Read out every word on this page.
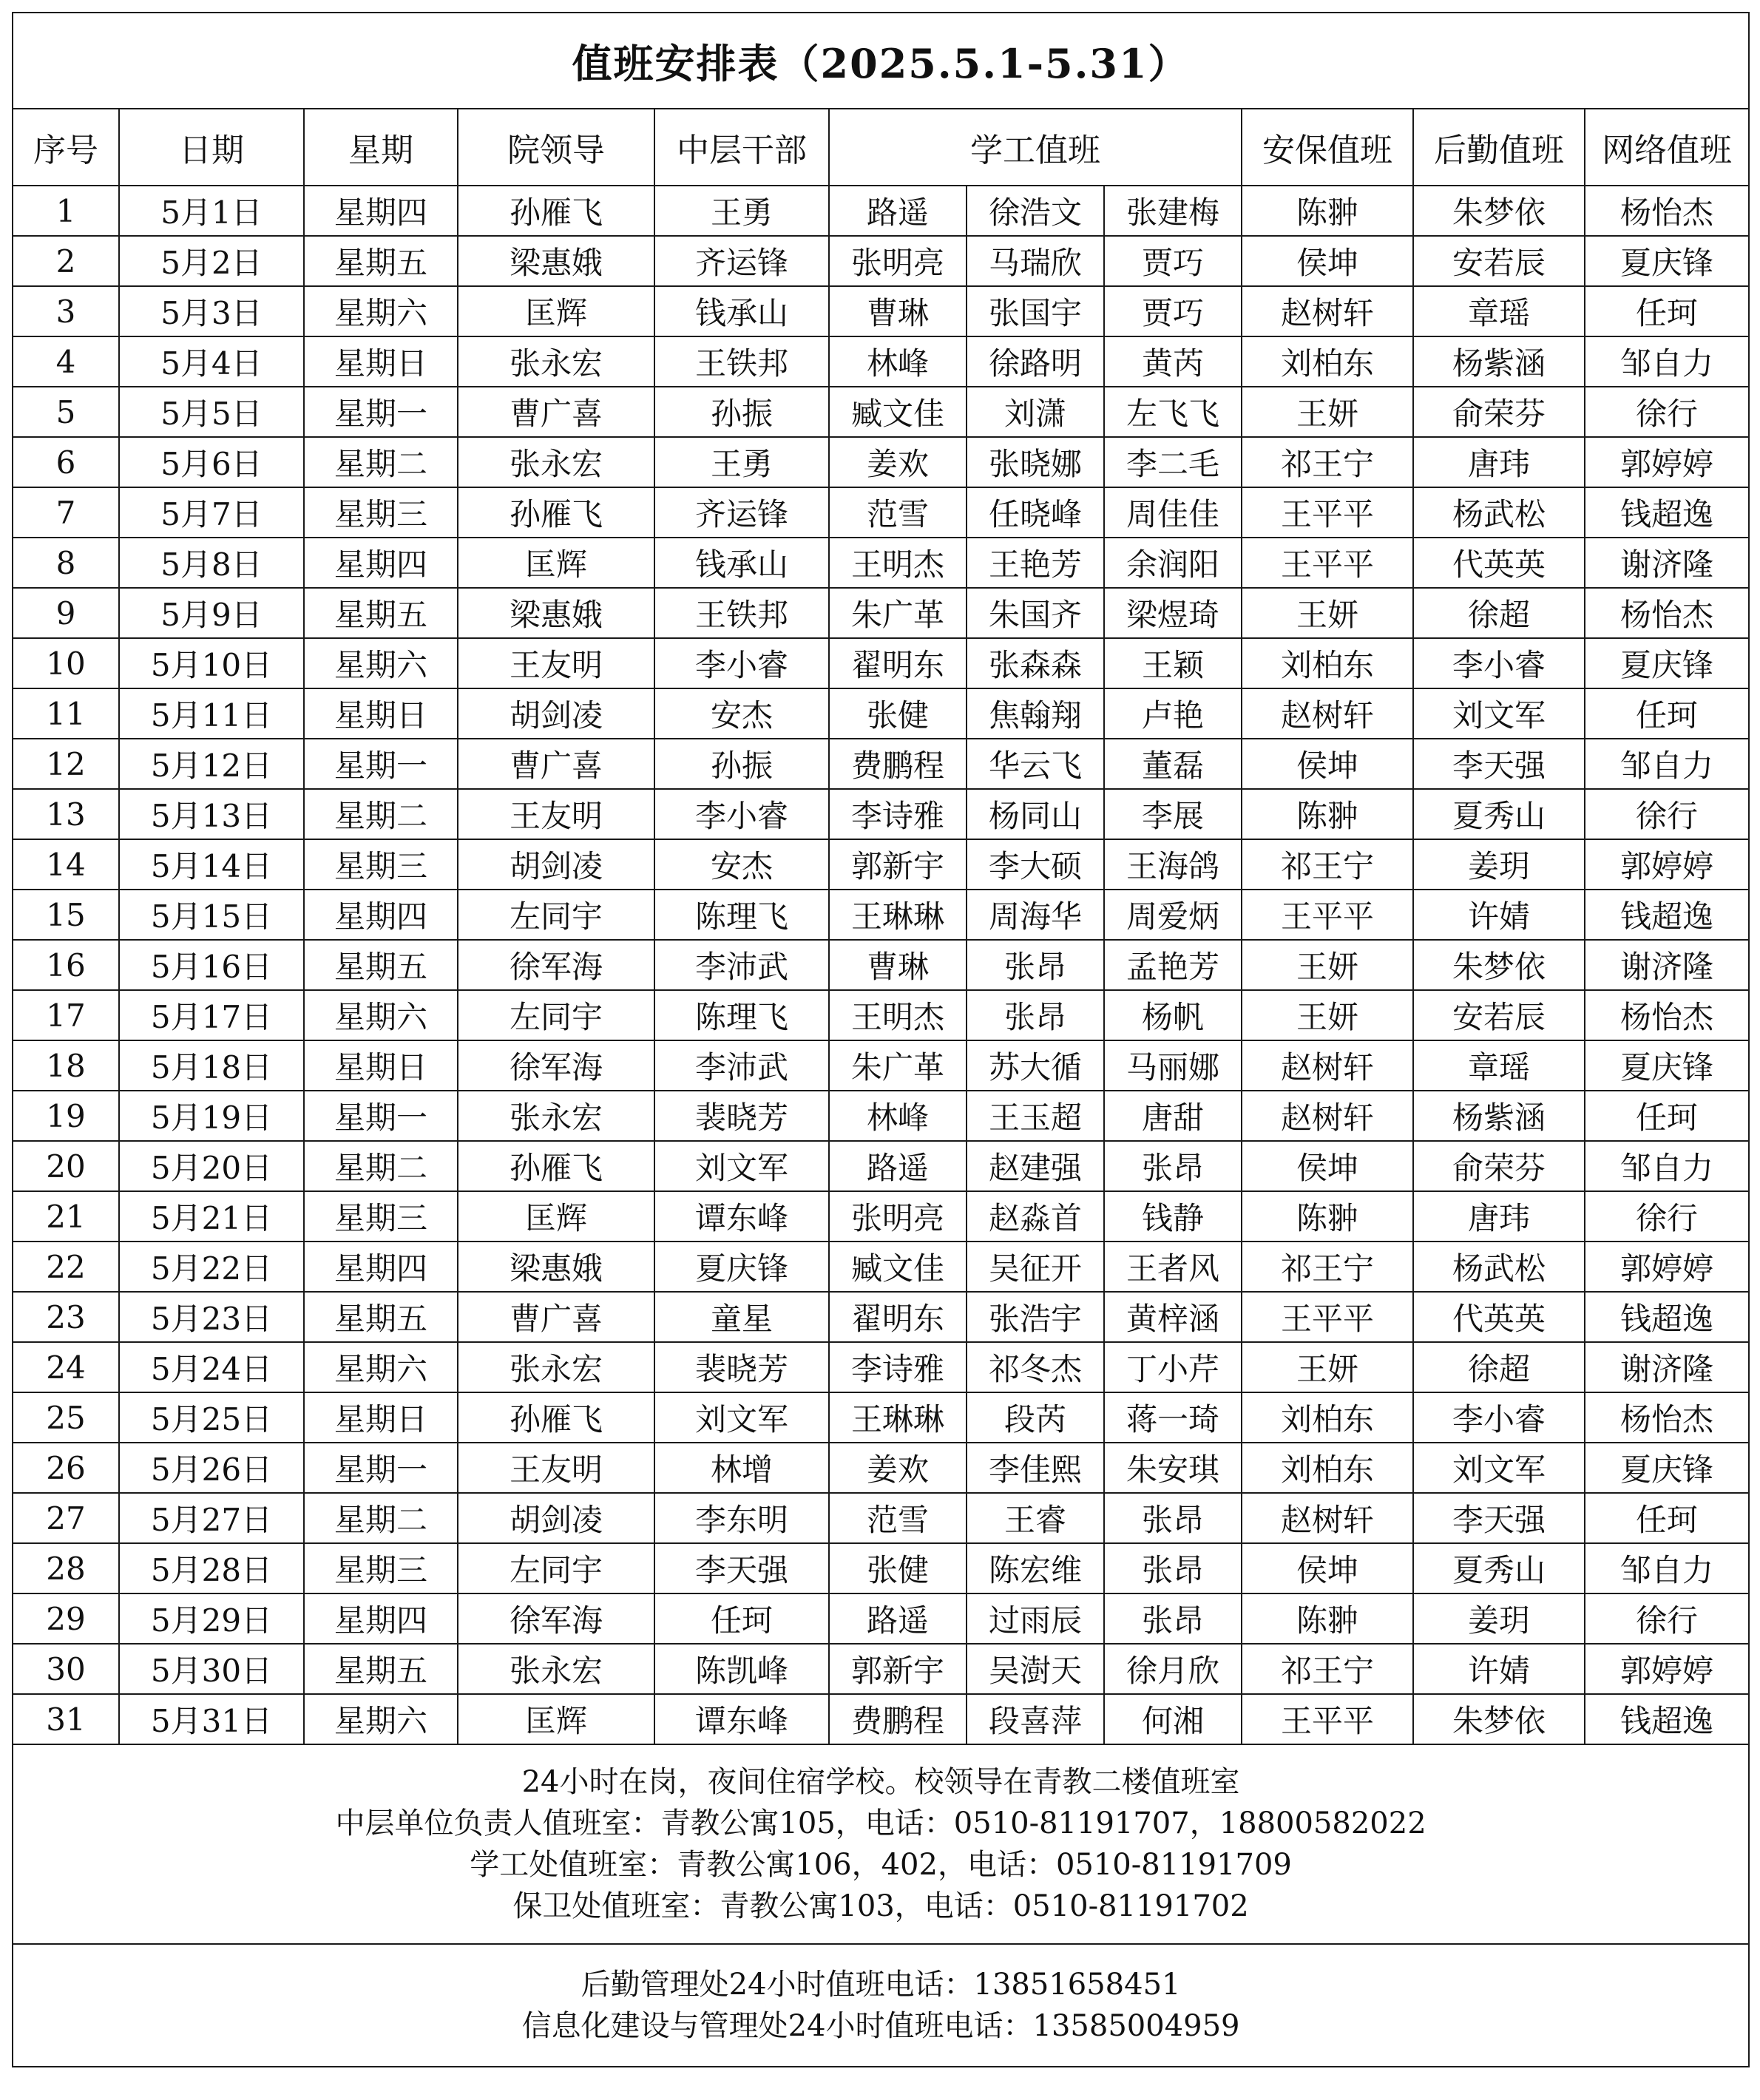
值班安排表（2025.5.1-5.31）										
序号	日期	星期	院领导	中层干部	学工值班			安保值班	后勤值班	网络值班
1	5月1日	星期四	孙雁飞	王勇	路遥	徐浩文	张建梅	陈翀	朱梦依	杨怡杰
2	5月2日	星期五	梁惠娥	齐运锋	张明亮	马瑞欣	贾巧	侯坤	安若辰	夏庆锋
3	5月3日	星期六	匡辉	钱承山	曹琳	张国宇	贾巧	赵树轩	章瑶	任珂
4	5月4日	星期日	张永宏	王铁邦	林峰	徐路明	黄芮	刘柏东	杨紫涵	邹自力
5	5月5日	星期一	曹广喜	孙振	臧文佳	刘潇	左飞飞	王妍	俞荣芬	徐行
6	5月6日	星期二	张永宏	王勇	姜欢	张晓娜	李二毛	祁王宁	唐玮	郭婷婷
7	5月7日	星期三	孙雁飞	齐运锋	范雪	任晓峰	周佳佳	王平平	杨武松	钱超逸
8	5月8日	星期四	匡辉	钱承山	王明杰	王艳芳	余润阳	王平平	代英英	谢济隆
9	5月9日	星期五	梁惠娥	王铁邦	朱广革	朱国齐	梁煜琦	王妍	徐超	杨怡杰
10	5月10日	星期六	王友明	李小睿	翟明东	张森森	王颖	刘柏东	李小睿	夏庆锋
11	5月11日	星期日	胡剑凌	安杰	张健	焦翰翔	卢艳	赵树轩	刘文军	任珂
12	5月12日	星期一	曹广喜	孙振	费鹏程	华云飞	董磊	侯坤	李天强	邹自力
13	5月13日	星期二	王友明	李小睿	李诗雅	杨同山	李展	陈翀	夏秀山	徐行
14	5月14日	星期三	胡剑凌	安杰	郭新宇	李大硕	王海鸽	祁王宁	姜玥	郭婷婷
15	5月15日	星期四	左同宇	陈理飞	王琳琳	周海华	周爱炳	王平平	许婧	钱超逸
16	5月16日	星期五	徐军海	李沛武	曹琳	张昂	孟艳芳	王妍	朱梦依	谢济隆
17	5月17日	星期六	左同宇	陈理飞	王明杰	张昂	杨帆	王妍	安若辰	杨怡杰
18	5月18日	星期日	徐军海	李沛武	朱广革	苏大循	马丽娜	赵树轩	章瑶	夏庆锋
19	5月19日	星期一	张永宏	裴晓芳	林峰	王玉超	唐甜	赵树轩	杨紫涵	任珂
20	5月20日	星期二	孙雁飞	刘文军	路遥	赵建强	张昂	侯坤	俞荣芬	邹自力
21	5月21日	星期三	匡辉	谭东峰	张明亮	赵淼首	钱静	陈翀	唐玮	徐行
22	5月22日	星期四	梁惠娥	夏庆锋	臧文佳	吴征开	王者风	祁王宁	杨武松	郭婷婷
23	5月23日	星期五	曹广喜	童星	翟明东	张浩宇	黄梓涵	王平平	代英英	钱超逸
24	5月24日	星期六	张永宏	裴晓芳	李诗雅	祁冬杰	丁小芹	王妍	徐超	谢济隆
25	5月25日	星期日	孙雁飞	刘文军	王琳琳	段芮	蒋一琦	刘柏东	李小睿	杨怡杰
26	5月26日	星期一	王友明	林增	姜欢	李佳熙	朱安琪	刘柏东	刘文军	夏庆锋
27	5月27日	星期二	胡剑凌	李东明	范雪	王睿	张昂	赵树轩	李天强	任珂
28	5月28日	星期三	左同宇	李天强	张健	陈宏维	张昂	侯坤	夏秀山	邹自力
29	5月29日	星期四	徐军海	任珂	路遥	过雨辰	张昂	陈翀	姜玥	徐行
30	5月30日	星期五	张永宏	陈凯峰	郭新宇	吴澍天	徐月欣	祁王宁	许婧	郭婷婷
31	5月31日	星期六	匡辉	谭东峰	费鹏程	段喜萍	何湘	王平平	朱梦依	钱超逸

24小时在岗，夜间住宿学校。校领导在青教二楼值班室
中层单位负责人值班室：青教公寓105，电话：0510-81191707，18800582022
学工处值班室：青教公寓106，402，电话：0510-81191709
保卫处值班室：青教公寓103，电话：0510-81191702										

后勤管理处24小时值班电话：13851658451
信息化建设与管理处24小时值班电话：13585004959										
